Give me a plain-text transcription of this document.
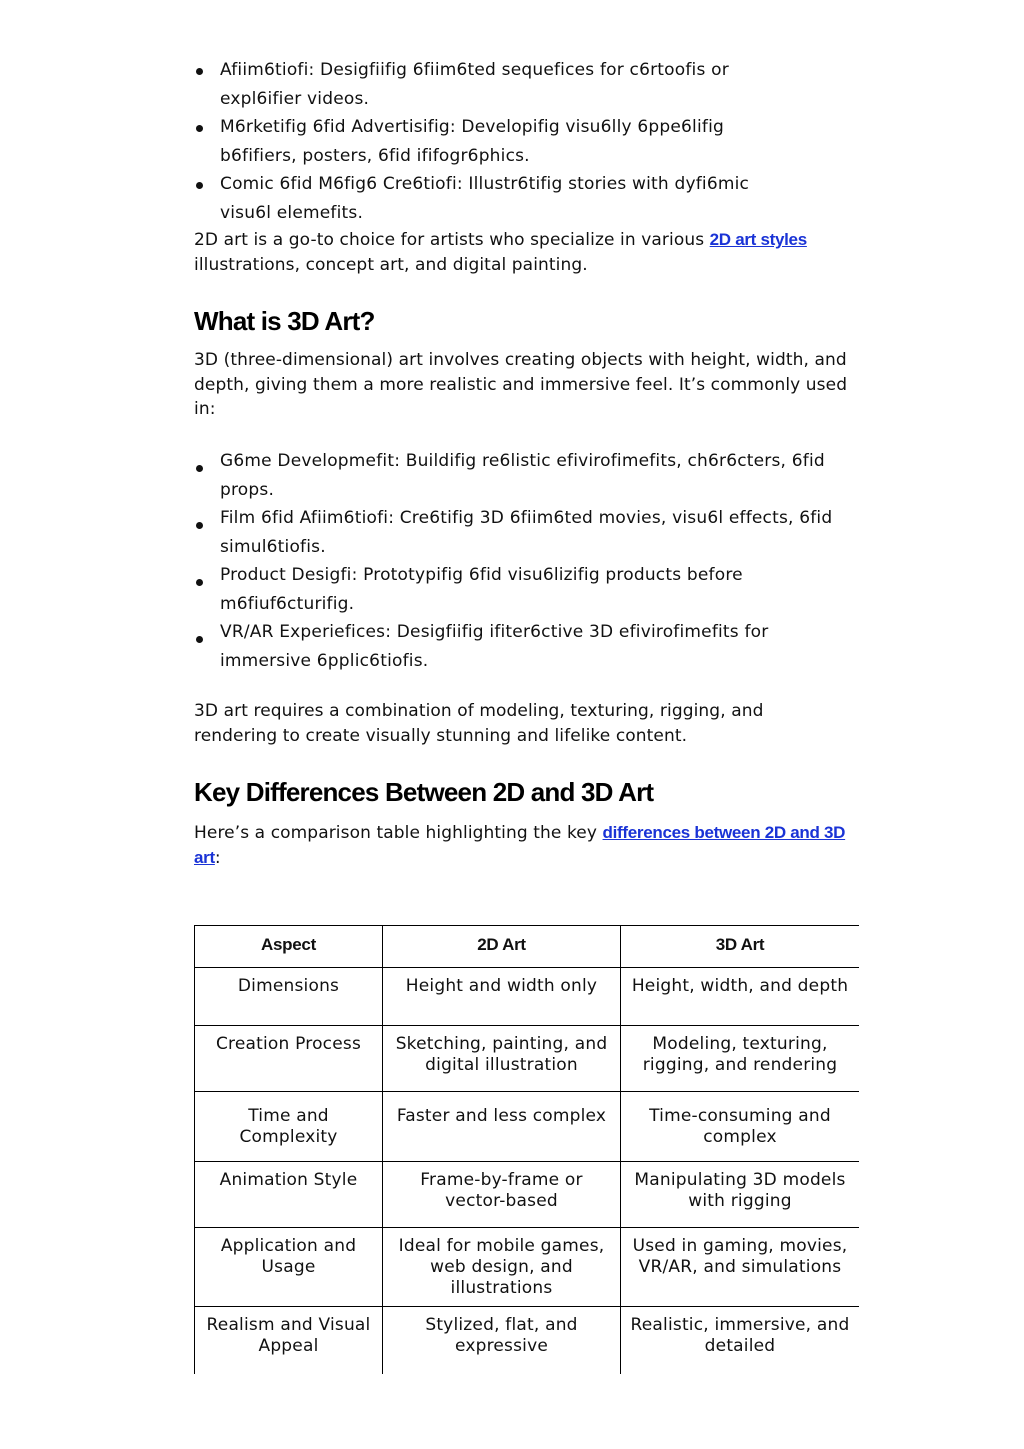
Afiim6tiofi: Desigfiifig 6fiim6ted sequefices for c6rtoofis or expl6ifier videos.
M6rketifig 6fid Advertisifig: Developifig visu6lly 6ppe6lifig b6fifiers, posters, 6fid ififogr6phics.
Comic 6fid M6fig6 Cre6tiofi: Illustr6tifig stories with dyfi6mic visu6l elemefits.

2D art is a go-to choice for artists who specialize in various 2D art styles illustrations, concept art, and digital painting.

What is 3D Art?

3D (three-dimensional) art involves creating objects with height, width, and depth, giving them a more realistic and immersive feel. It’s commonly used in:

G6me Developmefit: Buildifig re6listic efivirofimefits, ch6r6cters, 6fid props.
Film 6fid Afiim6tiofi: Cre6tifig 3D 6fiim6ted movies, visu6l effects, 6fid simul6tiofis.
Product Desigfi: Prototypifig 6fid visu6lizifig products before m6fiuf6cturifig.
VR/AR Experiefices: Desigfiifig ifiter6ctive 3D efivirofimefits for immersive 6pplic6tiofis.

3D art requires a combination of modeling, texturing, rigging, and rendering to create visually stunning and lifelike content.

Key Differences Between 2D and 3D Art

Here’s a comparison table highlighting the key differences between 2D and 3D art:

Aspect	2D Art	3D Art
Dimensions	Height and width only	Height, width, and depth
Creation Process	Sketching, painting, and digital illustration	Modeling, texturing, rigging, and rendering
Time and Complexity	Faster and less complex	Time-consuming and complex
Animation Style	Frame-by-frame or vector-based	Manipulating 3D models with rigging
Application and Usage	Ideal for mobile games, web design, and illustrations	Used in gaming, movies, VR/AR, and simulations
Realism and Visual Appeal	Stylized, flat, and expressive	Realistic, immersive, and detailed
